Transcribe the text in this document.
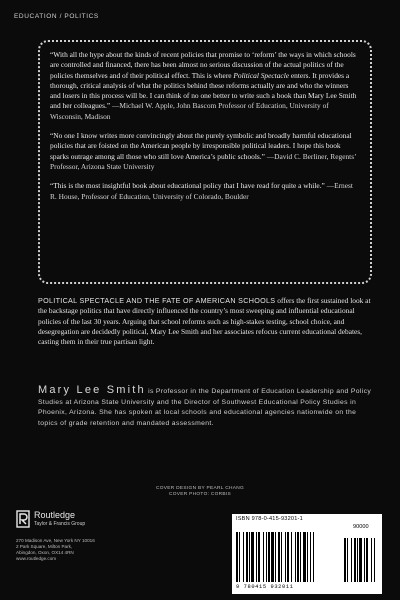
EDUCATION / POLITICS

“With all the hype about the kinds of recent policies that promise to ‘reform’ the ways in which schools are controlled and financed, there has been almost no serious discussion of the actual politics of the policies themselves and of their political effect. This is where Political Spectacle enters. It provides a thorough, critical analysis of what the politics behind these reforms actually are and who the winners and losers in this process will be. I can think of no one better to write such a book than Mary Lee Smith and her colleagues.” —Michael W. Apple, John Bascom Professor of Education, University of Wisconsin, Madison

“No one I know writes more convincingly about the purely symbolic and broadly harmful educational policies that are foisted on the American people by irresponsible political leaders. I hope this book sparks outrage among all those who still love America’s public schools.” —David C. Berliner, Regents’ Professor, Arizona State University

“This is the most insightful book about educational policy that I have read for quite a while.” —Ernest R. House, Professor of Education, University of Colorado, Boulder

POLITICAL SPECTACLE AND THE FATE OF AMERICAN SCHOOLS offers the first sustained look at the backstage politics that have directly influenced the country’s most sweeping and influential educational policies of the last 30 years. Arguing that school reforms such as high-stakes testing, school choice, and desegregation are decidedly political, Mary Lee Smith and her associates refocus current educational debates, casting them in their true partisan light.
Mary Lee Smith is Professor in the Department of Education Leadership and Policy Studies at Arizona State University and the Director of Southwest Educational Policy Studies in Phoenix, Arizona. She has spoken at local schools and educational agencies nationwide on the topics of grade retention and mandated assessment.
COVER DESIGN BY PEARL CHANG
COVER PHOTO: CORBIS
Routledge
Taylor & Francis Group
270 Madison Ave, New York NY 10016
2 Park Square, Milton Park,
Abingdon, Oxon, OX14 4RN
www.routledge.com
ISBN 978-0-415-93201-1
90000
9 780415 932011
